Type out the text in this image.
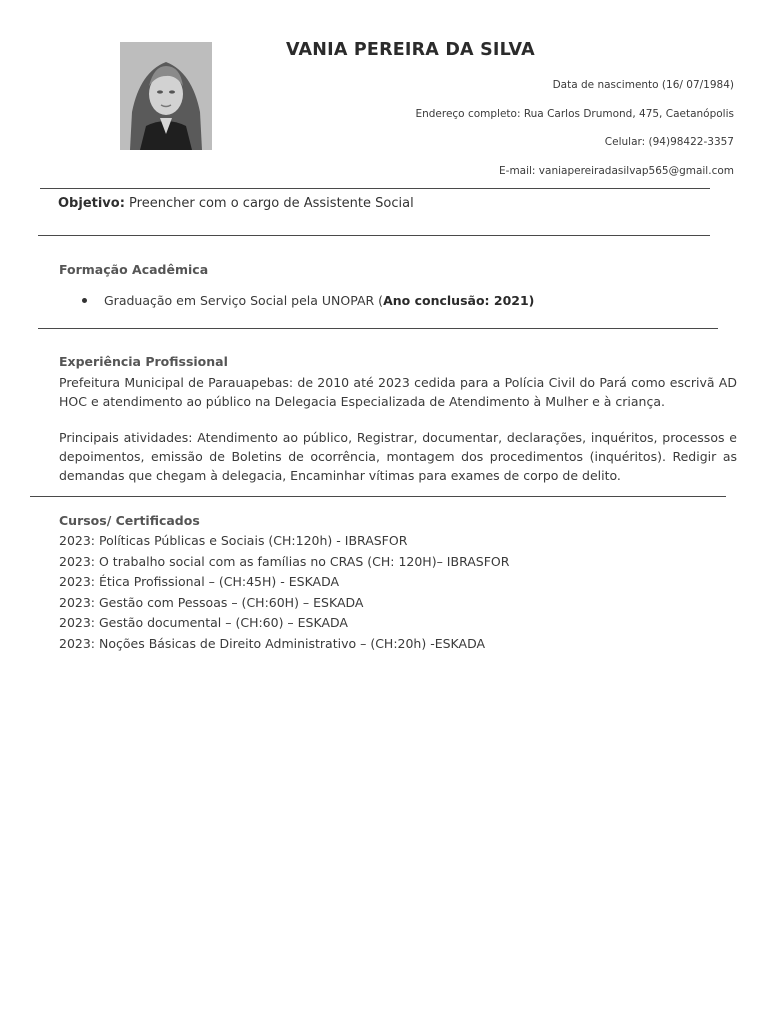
VANIA PEREIRA DA SILVA
Data de nascimento (16/ 07/1984)
Endereço completo: Rua Carlos Drumond, 475, Caetanópolis
Celular: (94)98422-3357
E-mail: vaniapereiradasilvap565@gmail.com
Objetivo: Preencher com o cargo de Assistente Social
Formação Acadêmica
Graduação em Serviço Social pela UNOPAR (Ano conclusão: 2021)
Experiência Profissional
Prefeitura Municipal de Parauapebas: de 2010 até 2023 cedida para a Polícia Civil do Pará como escrivã AD HOC e atendimento ao público na Delegacia Especializada de Atendimento à Mulher e à criança.
Principais atividades: Atendimento ao público, Registrar, documentar, declarações, inquéritos, processos e depoimentos, emissão de Boletins de ocorrência, montagem dos procedimentos (inquéritos). Redigir as demandas que chegam à delegacia, Encaminhar vítimas para exames de corpo de delito.
Cursos/ Certificados
2023: Políticas Públicas e Sociais (CH:120h) - IBRASFOR
2023: O trabalho social com as famílias no CRAS (CH: 120H)– IBRASFOR
2023: Ética Profissional – (CH:45H) - ESKADA
2023: Gestão com Pessoas – (CH:60H) – ESKADA
2023: Gestão documental – (CH:60) – ESKADA
2023: Noções Básicas de Direito Administrativo – (CH:20h) -ESKADA
